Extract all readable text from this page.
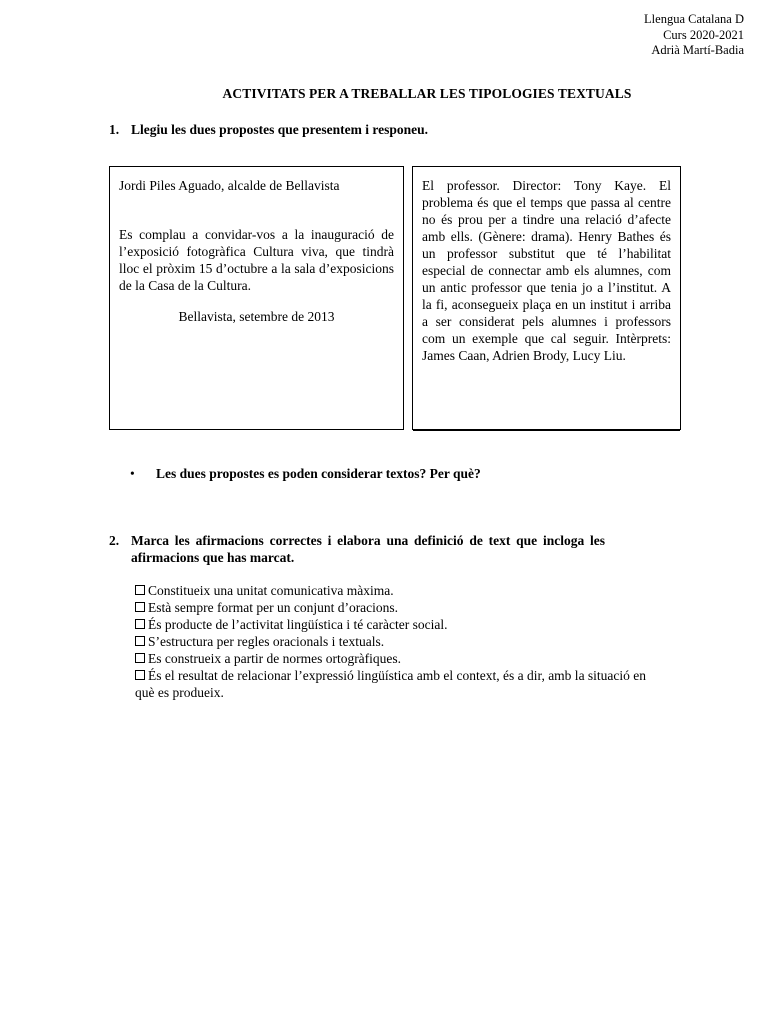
Llengua Catalana D
Curs 2020-2021
Adrià Martí-Badia
ACTIVITATS PER A TREBALLAR LES TIPOLOGIES TEXTUALS
1. Llegiu les dues propostes que presentem i responeu.

Jordi Piles Aguado, alcalde de Bellavista

Es complau a convidar-vos a la inauguració de l’exposició fotogràfica Cultura viva, que tindrà lloc el pròxim 15 d’octubre a la sala d’exposicions de la Casa de la Cultura.

Bellavista, setembre de 2013

El professor. Director: Tony Kaye. El problema és que el temps que passa al centre no és prou per a tindre una relació d’afecte amb ells. (Gènere: drama). Henry Bathes és un professor substitut que té l’habilitat especial de connectar amb els alumnes, com un antic professor que tenia jo a l’institut. A la fi, aconsegueix plaça en un institut i arriba a ser considerat pels alumnes i professors com un exemple que cal seguir. Intèrprets: James Caan, Adrien Brody, Lucy Liu.

• Les dues propostes es poden considerar textos? Per què?
2. Marca les afirmacions correctes i elabora una definició de text que incloga les afirmacions que has marcat.
Constitueix una unitat comunicativa màxima.
Està sempre format per un conjunt d’oracions.
És producte de l’activitat lingüística i té caràcter social.
S’estructura per regles oracionals i textuals.
Es construeix a partir de normes ortogràfiques.
És el resultat de relacionar l’expressió lingüística amb el context, és a dir, amb la situació en què es produeix.
